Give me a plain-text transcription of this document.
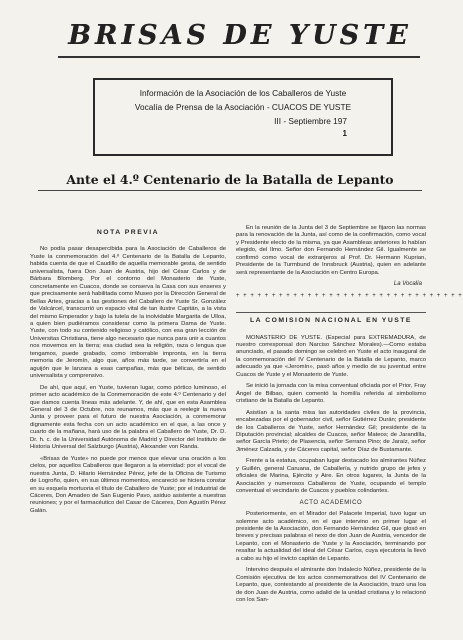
BRISAS DE YUSTE
Información de la Asociación de los Caballeros de Yuste
Vocalía de Prensa de la Asociación - CUACOS DE YUSTE
III - Septiembre 197
1
Ante el 4.º Centenario de la Batalla de Lepanto
NOTA PREVIA

No podía pasar desapercibida para la Asociación de Caballeros de Yuste la conmemoración del 4.º Centenario de la Batalla de Lepanto, habida cuenta de que el Caudillo de aquella memorable gesta, de sentido universalista, fuera Don Juan de Austria, hijo del César Carlos y de Bárbara Blomberg. Por el contorno del Monasterio de Yuste, concretamente en Cuacos, donde se conserva la Casa con sus enseres y que precisamente será habilitada como Museo por la Dirección General de Bellas Artes, gracias a las gestiones del Caballero de Yuste Sr. González de Valcárcel, transcurrió un espacio vital de tan ilustre Capitán, a la vista del mismo Emperador y bajo la tutela de la inolvidable Margarita de Ulloa, a quien bien pudiéramos considerar como la primera Dama de Yuste. Yuste, con todo su contenido religioso y católico, con esa gran lección de Universitas Christiana, tiene algo necesario que nunca para unir a cuantos nos movemos en la tierra; esa ciudad sea la religión, raza o lengua que tengamos, puede grabado, como imborrable impronta, en la tierra memoria de Jeromín, algo que, años más tarde, se convertiría en el aguijón que le lanzara a esas campañas, más que bélicas, de sentido universalista y comprensivo.

De ahí, que aquí, en Yuste, tuvieran lugar, como pórtico luminoso, el primer acto académico de la Conmemoración de este 4.º Centenario y del que damos cuenta líneas más adelante. Y, de ahí, que en esta Asamblea General del 3 de Octubre, nos reunamos, más que a reelegir la nueva Junta y proveer para el futuro de nuestra Asociación, a conmemorar dignamente esta fecha con un acto académico en el que, a las once y cuarto de la mañana, hará uso de la palabra el Caballero de Yuste, Dr. D. Dr. h. c. de la Universidad Autónoma de Madrid y Director del Instituto de Historia Universal del Salzburgo (Austria), Alexander von Randa.

«Brisas de Yuste» no puede por menos que elevar una oración a los cielos, por aquellos Caballeros que llegaron a la eternidad: por el vocal de nuestra Junta, D. Hilario Hernández Pérez, jefe de la Oficina de Turismo de Logroño, quien, en sus últimos momentos, encareció se hiciera constar en su esquela mortuoria el título de Caballero de Yuste; por el industrial de Cáceres, Don Amadeo de San Eugenio Pavo, asiduo asistente a nuestras reuniones; y por el farmacéutico del Casar de Cáceres, Don Agustín Pérez Galán.

En la reunión de la Junta del 3 de Septiembre se fijaron las normas para la renovación de la Junta, así como de la confirmación, como vocal y Presidente electo de la misma, ya que Asambleas anteriores lo habían elegido, del Ilmo. Señor don Fernando Hernández Gil. Igualmente se confirmó como vocal de extranjeros al Prof. Dr. Hermann Kuprian, Presidente de la Turmbund de Innsbruck (Austria), quien en adelante será representante de la Asociación en Centro Europa.

La Vocalía
+ + + + + + + + + + + + + + + + + + + + + + + + + + + + + + + +
LA COMISION NACIONAL EN YUSTE

MONASTERIO DE YUSTE. (Especial para EXTREMADURA, de nuestro corresponsal don Narciso Sánchez Morales).—Como estaba anunciado, el pasado domingo se celebró en Yuste el acto inaugural de la conmemoración del IV Centenario de la Batalla de Lepanto, marco adecuado ya que «Jeromín», pasó años y medio de su juventud entre Cuacos de Yuste y el Monasterio de Yuste.

Se inició la jornada con la misa conventual oficiada por el Prior, Fray Ángel de Bilbao, quien comentó la homilía referida al simbolismo cristiano de la Batalla de Lepanto.

Asistían a la santa misa las autoridades civiles de la provincia, encabezadas por el gobernador civil, señor Gutiérrez Durán; presidente de los Caballeros de Yuste, señor Hernández Gil; presidente de la Diputación provincial; alcaldes de Cuacos, señor Mateos; de Jarandilla, señor García Prieto; de Plasencia, señor Serrano Pino; de Jaraíz, señor Jiménez Calzada, y de Cáceres capital, señor Díaz de Bustamante.

Frente a la estatua, ocupaban lugar destacado los almirantes Núñez y Guillén, general Caruana, de Caballería, y nutrido grupo de jefes y oficiales de Marina, Ejército y Aire. En otros lugares, la Junta de la Asociación y numerosos Caballeros de Yuste, ocupando el templo conventual el vecindario de Cuacos y pueblos colindantes.

ACTO ACADEMICO

Posteriormente, en el Mirador del Palacete Imperial, tuvo lugar un solemne acto académico, en el que intervino en primer lugar el presidente de la Asociación, don Fernando Hernández Gil, que glosó en breves y precisas palabras el nexo de don Juan de Austria, vencedor de Lepanto, con el Monasterio de Yuste y la Asociación, terminando por resaltar la actualidad del ideal del César Carlos, cuya ejecutoria la llevó a cabo su hijo el invicto capitán de Lepanto.

Intervino después el almirante don Indalecio Núñez, presidente de la Comisión ejecutiva de los actos conmemorativos del IV Centenario de Lepanto, que, contestando al presidente de la Asociación, trazó una loa de don Juan de Austria, como adalid de la unidad cristiana y lo relacionó con los San-
